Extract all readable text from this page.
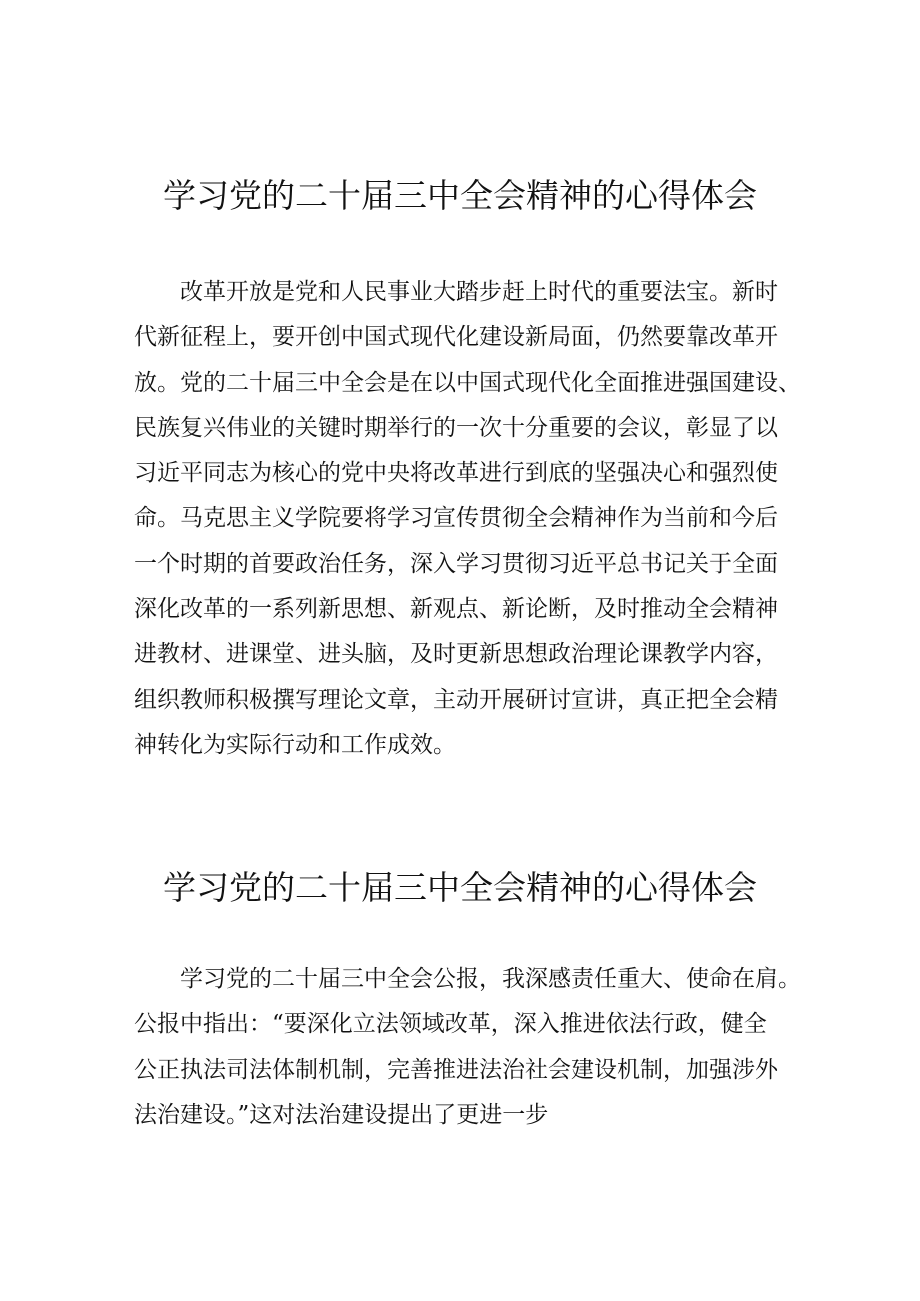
学习党的二十届三中全会精神的心得体会
　　改革开放是党和人民事业大踏步赶上时代的重要法宝。新时
代新征程上，要开创中国式现代化建设新局面，仍然要靠改革开
放。党的二十届三中全会是在以中国式现代化全面推进强国建设、
民族复兴伟业的关键时期举行的一次十分重要的会议，彰显了以
习近平同志为核心的党中央将改革进行到底的坚强决心和强烈使
命。马克思主义学院要将学习宣传贯彻全会精神作为当前和今后
一个时期的首要政治任务，深入学习贯彻习近平总书记关于全面
深化改革的一系列新思想、新观点、新论断，及时推动全会精神
进教材、进课堂、进头脑，及时更新思想政治理论课教学内容，
组织教师积极撰写理论文章，主动开展研讨宣讲，真正把全会精
神转化为实际行动和工作成效。
学习党的二十届三中全会精神的心得体会
　　学习党的二十届三中全会公报，我深感责任重大、使命在肩。
公报中指出：“要深化立法领域改革，深入推进依法行政，健全
公正执法司法体制机制，完善推进法治社会建设机制，加强涉外
法治建设。”这对法治建设提出了更进一步
